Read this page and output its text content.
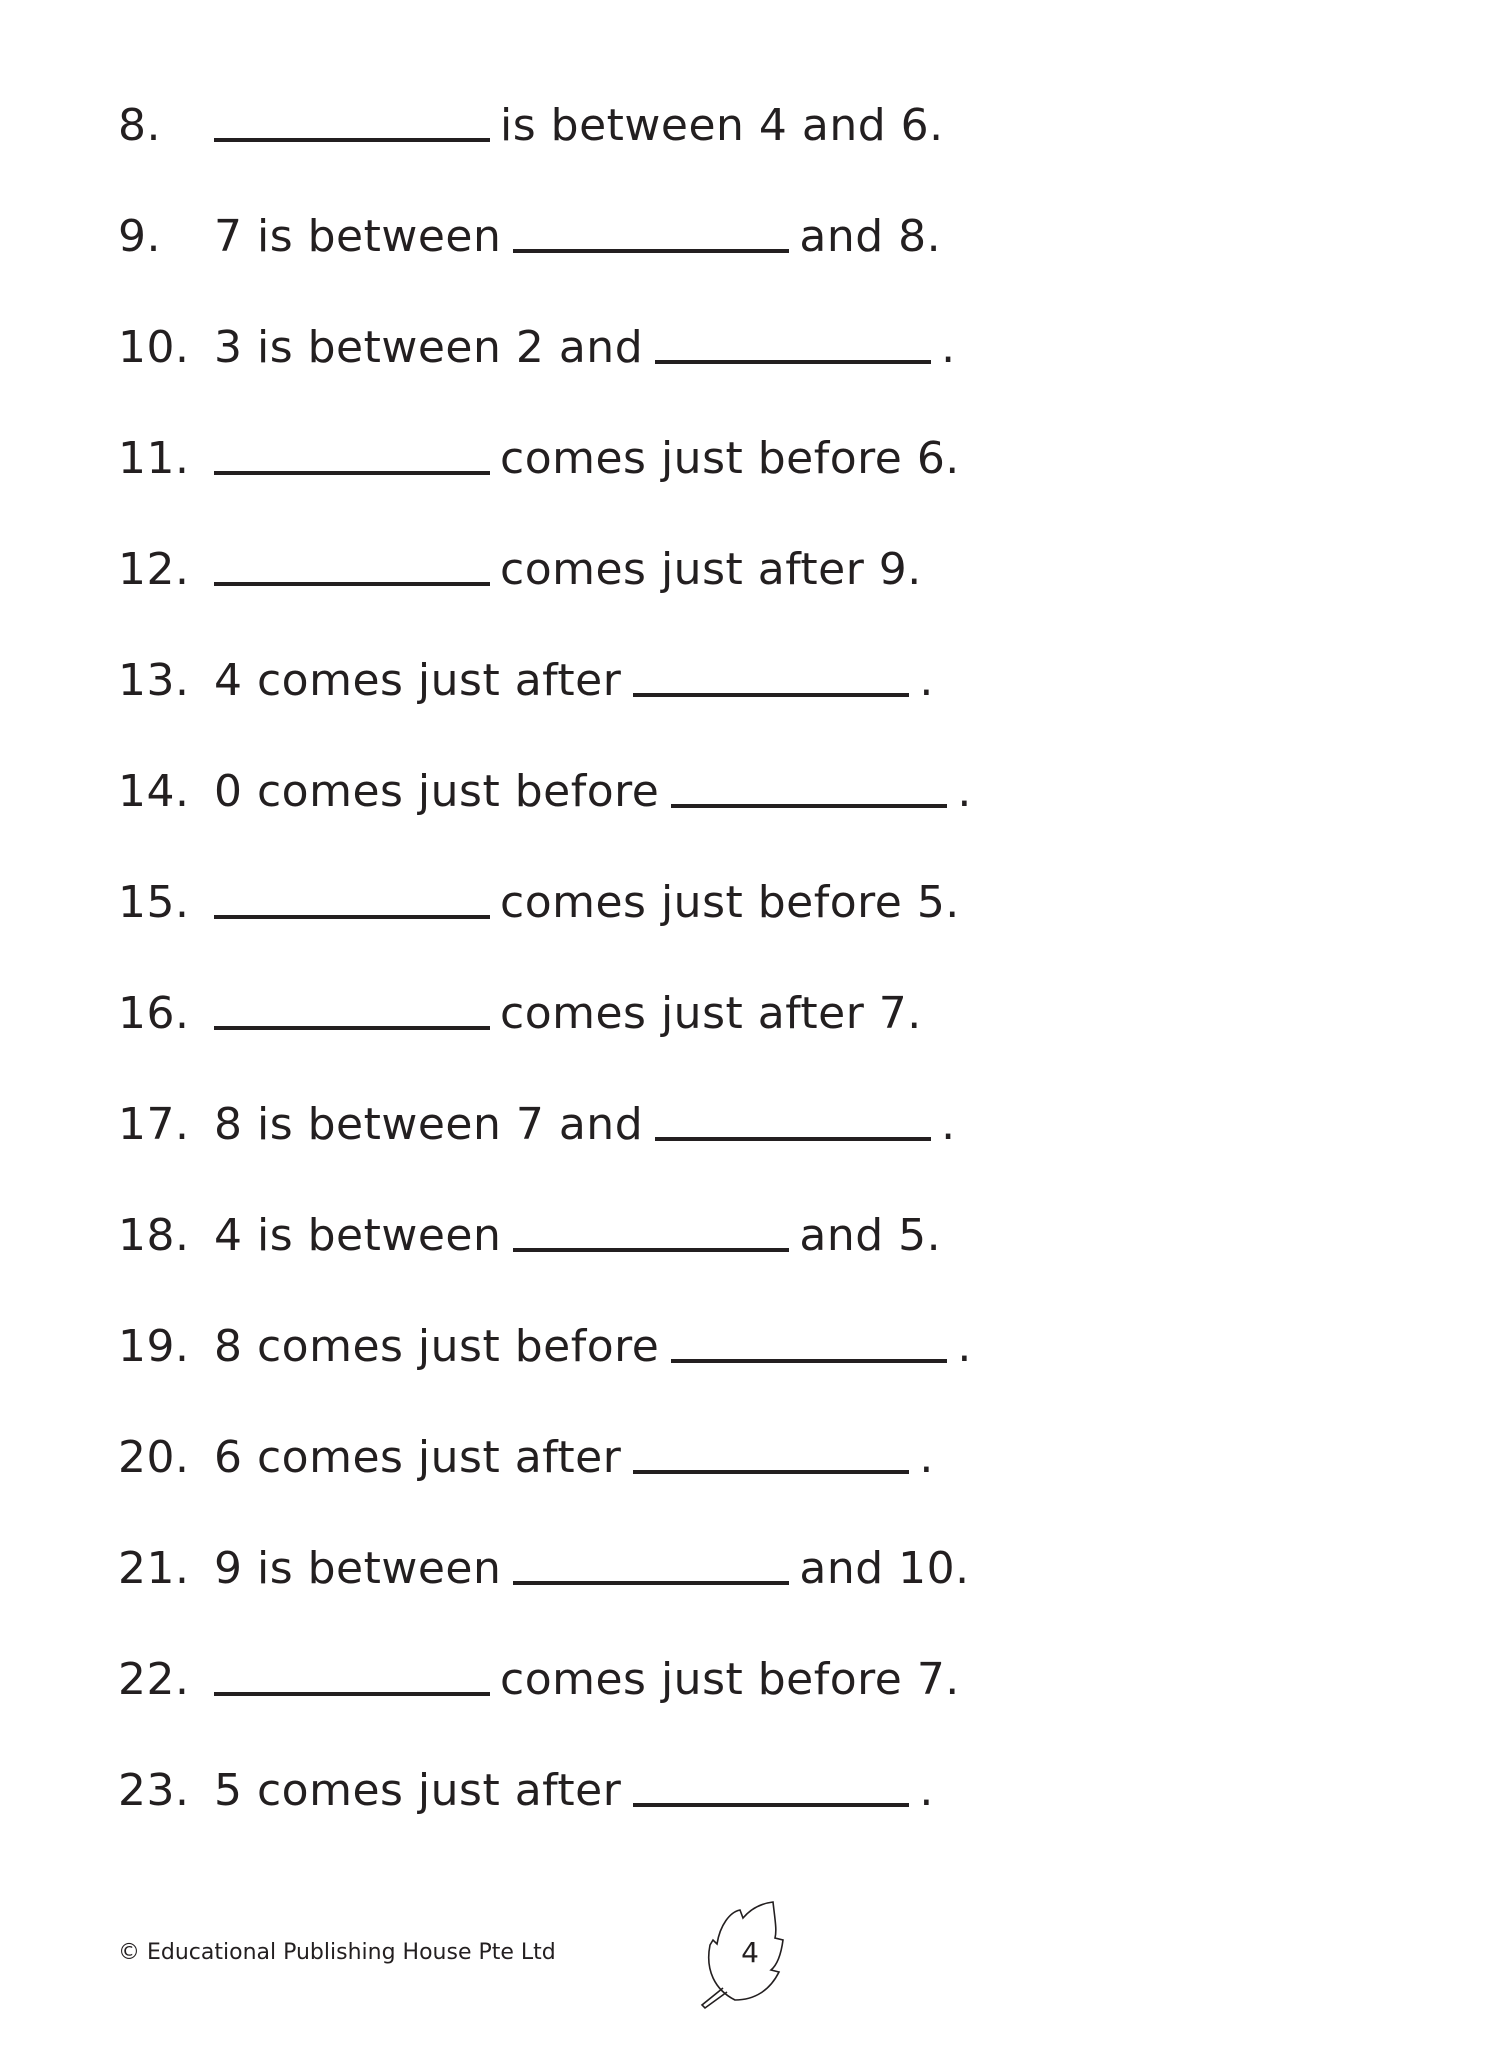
8.	is between 4 and 6.
9.	7 is between	and 8.
10. 3 is between 2 and	.
11.	comes just before 6.
12.	comes just after 9.
13. 4 comes just after	.
14. 0 comes just before	.
15.	comes just before 5.
16.	comes just after 7.
17. 8 is between 7 and	.
18. 4 is between	and 5.
19. 8 comes just before	.
20. 6 comes just after	.
21. 9 is between	and 10.
22.	comes just before 7.
23. 5 comes just after	.
© Educational Publishing House Pte Ltd	4
